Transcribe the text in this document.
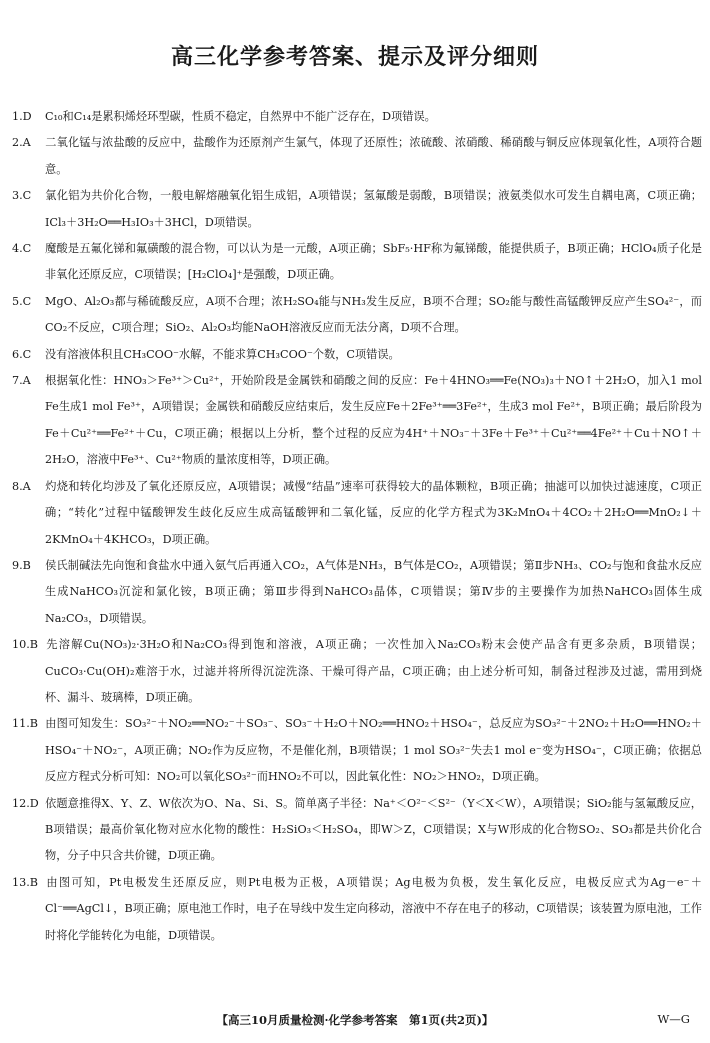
高三化学参考答案、提示及评分细则

1.D C₁₀和C₁₄是累积烯烃环型碳，性质不稳定，自然界中不能广泛存在，D项错误。

2.A 二氧化锰与浓盐酸的反应中，盐酸作为还原剂产生氯气，体现了还原性；浓硫酸、浓硝酸、稀硝酸与铜反应体现氧化性，A项符合题意。

3.C 氯化铝为共价化合物，一般电解熔融氧化铝生成铝，A项错误；氢氟酸是弱酸，B项错误；液氨类似水可发生自耦电离，C项正确；ICl₃＋3H₂O══H₃IO₃＋3HCl，D项错误。

4.C 魔酸是五氟化锑和氟磺酸的混合物，可以认为是一元酸，A项正确；SbF₅·HF称为氟锑酸，能提供质子，B项正确；HClO₄质子化是非氧化还原反应，C项错误；[H₂ClO₄]⁺是强酸，D项正确。

5.C MgO、Al₂O₃都与稀硫酸反应，A项不合理；浓H₂SO₄能与NH₃发生反应，B项不合理；SO₂能与酸性高锰酸钾反应产生SO₄²⁻，而CO₂不反应，C项合理；SiO₂、Al₂O₃均能NaOH溶液反应而无法分离，D项不合理。

6.C 没有溶液体积且CH₃COO⁻水解，不能求算CH₃COO⁻个数，C项错误。

7.A 根据氧化性：HNO₃＞Fe³⁺＞Cu²⁺，开始阶段是金属铁和硝酸之间的反应：Fe＋4HNO₃══Fe(NO₃)₃＋NO↑＋2H₂O，加入1 mol Fe生成1 mol Fe³⁺，A项错误；金属铁和硝酸反应结束后，发生反应Fe＋2Fe³⁺══3Fe²⁺，生成3 mol Fe²⁺，B项正确；最后阶段为Fe＋Cu²⁺══Fe²⁺＋Cu，C项正确；根据以上分析，整个过程的反应为4H⁺＋NO₃⁻＋3Fe＋Fe³⁺＋Cu²⁺══4Fe²⁺＋Cu＋NO↑＋2H₂O，溶液中Fe³⁺、Cu²⁺物质的量浓度相等，D项正确。

8.A 灼烧和转化均涉及了氧化还原反应，A项错误；减慢“结晶”速率可获得较大的晶体颗粒，B项正确；抽滤可以加快过滤速度，C项正确；“转化”过程中锰酸钾发生歧化反应生成高锰酸钾和二氧化锰，反应的化学方程式为3K₂MnO₄＋4CO₂＋2H₂O══MnO₂↓＋2KMnO₄＋4KHCO₃，D项正确。

9.B 侯氏制碱法先向饱和食盐水中通入氨气后再通入CO₂，A气体是NH₃，B气体是CO₂，A项错误；第Ⅱ步NH₃、CO₂与饱和食盐水反应生成NaHCO₃沉淀和氯化铵，B项正确；第Ⅲ步得到NaHCO₃晶体，C项错误；第Ⅳ步的主要操作为加热NaHCO₃固体生成Na₂CO₃，D项错误。

10.B 先溶解Cu(NO₃)₂·3H₂O和Na₂CO₃得到饱和溶液，A项正确；一次性加入Na₂CO₃粉末会使产品含有更多杂质，B项错误；CuCO₃·Cu(OH)₂难溶于水，过滤并将所得沉淀洗涤、干燥可得产品，C项正确；由上述分析可知，制备过程涉及过滤，需用到烧杯、漏斗、玻璃棒，D项正确。

11.B 由图可知发生：SO₃²⁻＋NO₂══NO₂⁻＋SO₃⁻、SO₃⁻＋H₂O＋NO₂══HNO₂＋HSO₄⁻，总反应为SO₃²⁻＋2NO₂＋H₂O══HNO₂＋HSO₄⁻＋NO₂⁻，A项正确；NO₂作为反应物，不是催化剂，B项错误；1 mol SO₃²⁻失去1 mol e⁻变为HSO₄⁻，C项正确；依据总反应方程式分析可知：NO₂可以氧化SO₃²⁻而HNO₂不可以，因此氧化性：NO₂＞HNO₂，D项正确。

12.D 依题意推得X、Y、Z、W依次为O、Na、Si、S。简单离子半径：Na⁺＜O²⁻＜S²⁻（Y＜X＜W），A项错误；SiO₂能与氢氟酸反应，B项错误；最高价氧化物对应水化物的酸性：H₂SiO₃＜H₂SO₄，即W＞Z，C项错误；X与W形成的化合物SO₂、SO₃都是共价化合物，分子中只含共价键，D项正确。

13.B 由图可知，Pt电极发生还原反应，则Pt电极为正极，A项错误；Ag电极为负极，发生氧化反应，电极反应式为Ag－e⁻＋Cl⁻══AgCl↓，B项正确；原电池工作时，电子在导线中发生定向移动，溶液中不存在电子的移动，C项错误；该装置为原电池，工作时将化学能转化为电能，D项错误。

【高三10月质量检测·化学参考答案　第1页(共2页)】	W—G
